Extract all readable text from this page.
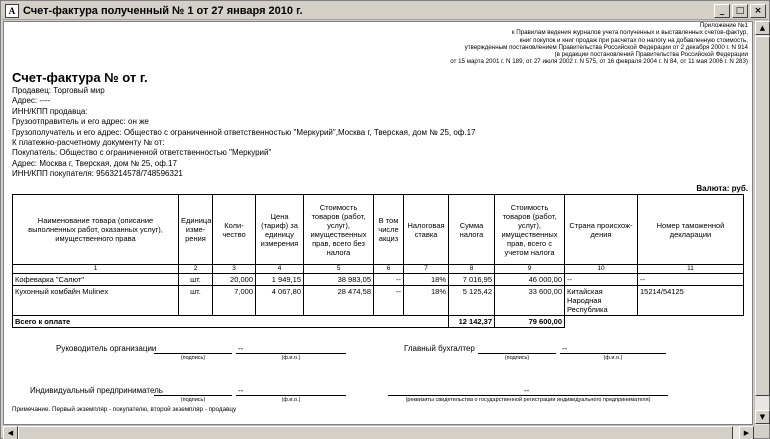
A Счет-фактура полученный № 1 от 27 января 2010 г.	_	□	×
Приложение №1
к Правилам ведения журналов учета полученных и выставленных счетов-фактур,
книг покупок и книг продаж при расчетах по налогу на добавленную стоимость,
утвержденным постановлением Правительства Российской Федерации от 2 декабря 2000 г. N 914
(в редакции постановлений Правительства Российской Федерации
от 15 марта 2001 г. N 189, от 27 июля 2002 г. N 575, от 16 февраля 2004 г. N 84, от 11 мая 2006 г. N 283)
Счет-фактура № от г.
Продавец: Торговый мир
Адрес: ----
ИНН/КПП продавца:
Грузоотправитель и его адрес: он же
Грузополучатель и его адрес: Общество с ограниченной ответственностью "Меркурий",Москва г, Тверская, дом № 25, оф.17
К платежно-расчетному документу № от:
Покупатель: Общество с ограниченной ответственностью "Меркурий"
Адрес: Москва г, Тверская, дом № 25, оф.17
ИНН/КПП покупателя: 9563214578/748596321
Валюта: руб.
Наименование товара (описание выполненных работ, оказанных услуг), имущественного права	Единица изме-рения	Коли-чество	Цена (тариф) за единицу измерения	Стоимость товаров (работ, услуг), имущественных прав, всего без налога	В том числе акциз	Налоговая ставка	Сумма налога	Стоимость товаров (работ, услуг), имущественных прав, всего с учетом налога	Страна происхож-дения	Номер таможенной декларации
1	2	3	4	5	6	7	8	9	10	11
Кофеварка "Салют"	шт.	20,000	1 949,15	38 983,05	--	18%	7 016,95	46 000,00	--	--
Кухонный комбайн Mulinex	шт.	7,000	4 067,80	28 474,58	--	18%	5 125,42	33 600,00	Китайская Народная Республика	15214/54125
Всего к оплате							12 142,37	79 600,00		
Руководитель организации
(подпись)
--
(ф.и.о.)
Главный бухгалтер
(подпись)
--
(ф.и.о.)
Индивидуальный предприниматель
(подпись)
--
(ф.и.о.)
--
(реквизиты свидетельства о государственной регистрации индивидуального предпринимателя)
Примечание. Первый экземпляр - покупателю, второй экземпляр - продавцу
▲
▼
◀	▶
